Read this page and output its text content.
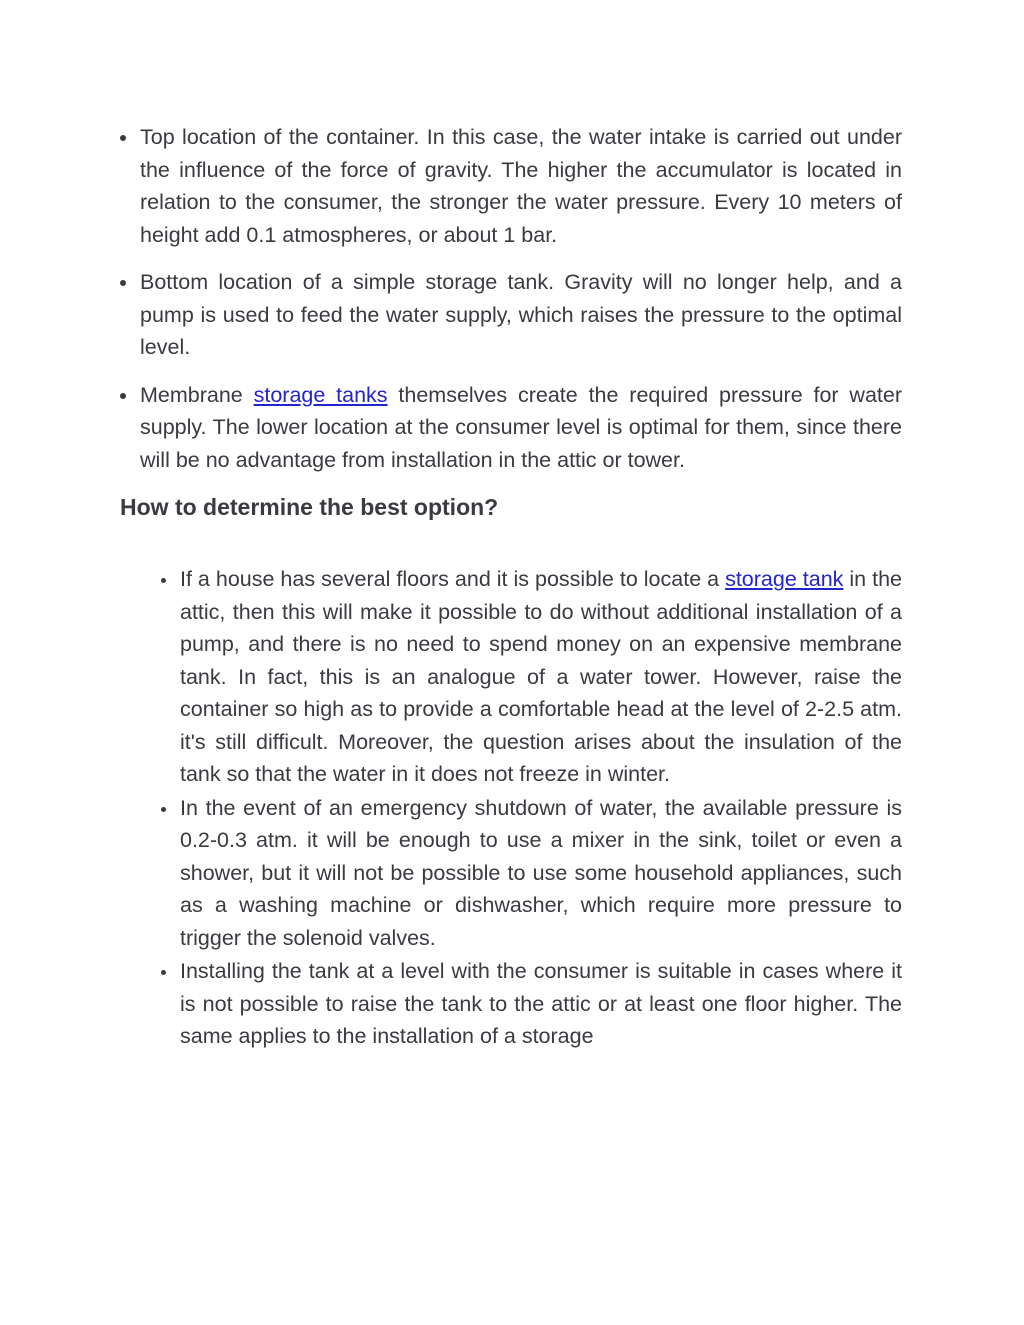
Top location of the container. In this case, the water intake is carried out under the influence of the force of gravity. The higher the accumulator is located in relation to the consumer, the stronger the water pressure. Every 10 meters of height add 0.1 atmospheres, or about 1 bar.
Bottom location of a simple storage tank. Gravity will no longer help, and a pump is used to feed the water supply, which raises the pressure to the optimal level.
Membrane storage tanks themselves create the required pressure for water supply. The lower location at the consumer level is optimal for them, since there will be no advantage from installation in the attic or tower.
How to determine the best option?
If a house has several floors and it is possible to locate a storage tank in the attic, then this will make it possible to do without additional installation of a pump, and there is no need to spend money on an expensive membrane tank. In fact, this is an analogue of a water tower. However, raise the container so high as to provide a comfortable head at the level of 2-2.5 atm. it's still difficult. Moreover, the question arises about the insulation of the tank so that the water in it does not freeze in winter.
In the event of an emergency shutdown of water, the available pressure is 0.2-0.3 atm. it will be enough to use a mixer in the sink, toilet or even a shower, but it will not be possible to use some household appliances, such as a washing machine or dishwasher, which require more pressure to trigger the solenoid valves.
Installing the tank at a level with the consumer is suitable in cases where it is not possible to raise the tank to the attic or at least one floor higher. The same applies to the installation of a storage
